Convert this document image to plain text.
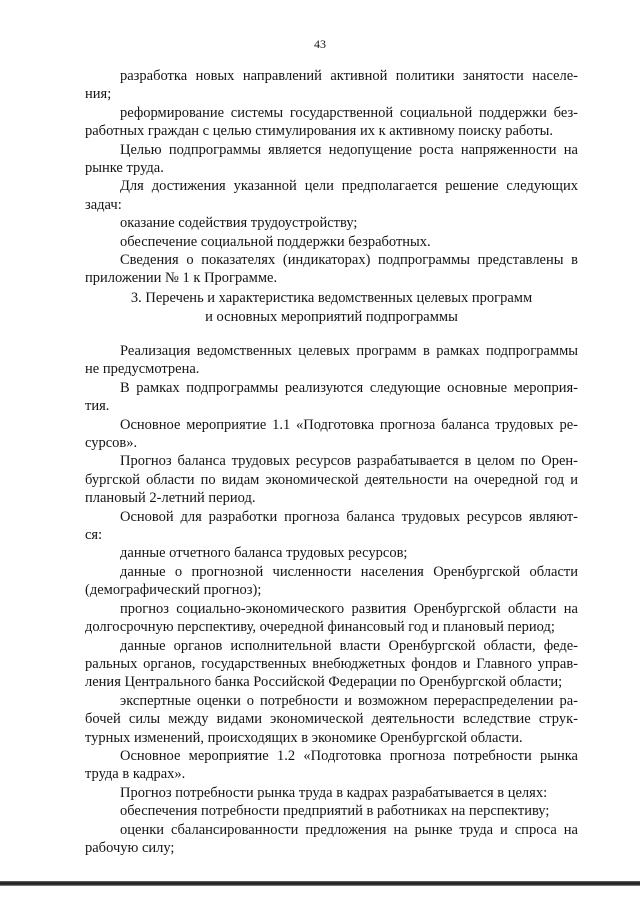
43
разработка новых направлений активной политики занятости населе-
ния;
реформирование системы государственной социальной поддержки без-
работных граждан с целью стимулирования их к активному поиску работы.
Целью подпрограммы является недопущение роста напряженности на
рынке труда.
Для достижения указанной цели предполагается решение следующих
задач:
оказание содействия трудоустройству;
обеспечение социальной поддержки безработных.
Сведения о показателях (индикаторах) подпрограммы представлены в
приложении № 1 к Программе.
3. Перечень и характеристика ведомственных целевых программ
и основных мероприятий подпрограммы
Реализация ведомственных целевых программ в рамках подпрограммы
не предусмотрена.
В рамках подпрограммы реализуются следующие основные мероприя-
тия.
Основное мероприятие 1.1 «Подготовка прогноза баланса трудовых ре-
сурсов».
Прогноз баланса трудовых ресурсов разрабатывается в целом по Орен-
бургской области по видам экономической деятельности на очередной год и
плановый 2-летний период.
Основой для разработки прогноза баланса трудовых ресурсов являют-
ся:
данные отчетного баланса трудовых ресурсов;
данные о прогнозной численности населения Оренбургской области
(демографический прогноз);
прогноз социально-экономического развития Оренбургской области на
долгосрочную перспективу, очередной финансовый год и плановый период;
данные органов исполнительной власти Оренбургской области, феде-
ральных органов, государственных внебюджетных фондов и Главного управ-
ления Центрального банка Российской Федерации по Оренбургской области;
экспертные оценки о потребности и возможном перераспределении ра-
бочей силы между видами экономической деятельности вследствие струк-
турных изменений, происходящих в экономике Оренбургской области.
Основное мероприятие 1.2 «Подготовка прогноза потребности рынка
труда в кадрах».
Прогноз потребности рынка труда в кадрах разрабатывается в целях:
обеспечения потребности предприятий в работниках на перспективу;
оценки сбалансированности предложения на рынке труда и спроса на
рабочую силу;
